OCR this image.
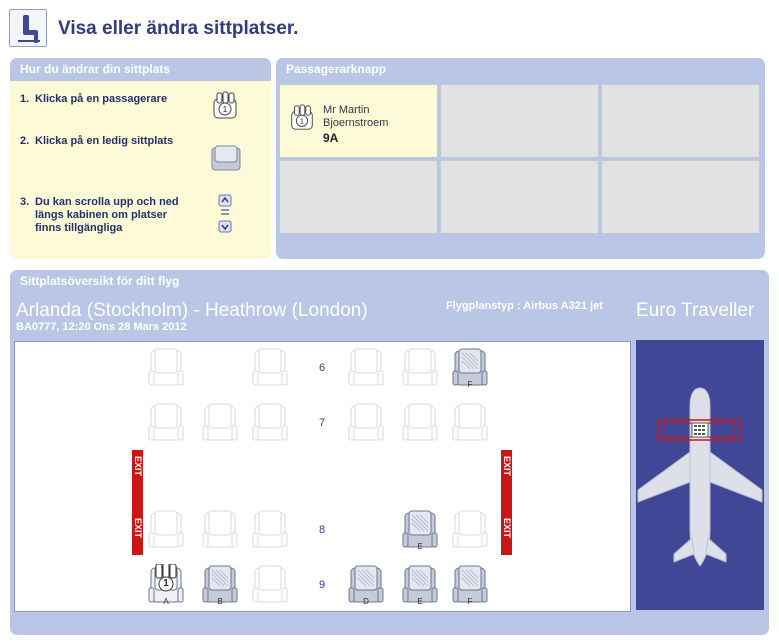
Visa eller ändra sittplatser.
Hur du ändrar din sittplats
1. Klicka på en passagerare
1
2. Klicka på en ledig sittplats
3. Du kan scrolla upp och ned längs kabinen om platser finns tillgängliga
Passagerarknapp
1
Mr Martin
Bjoernstroem
9A
Sittplatsöversikt för ditt flyg
Arlanda (Stockholm) - Heathrow (London)
BA0777, 12:20 Ons 28 Mars 2012
Flygplanstyp : Airbus A321 jet Euro Traveller
EXIT
EXIT
EXIT
EXIT
6
F
7
8
E
9
1
A	B	D	E	F
